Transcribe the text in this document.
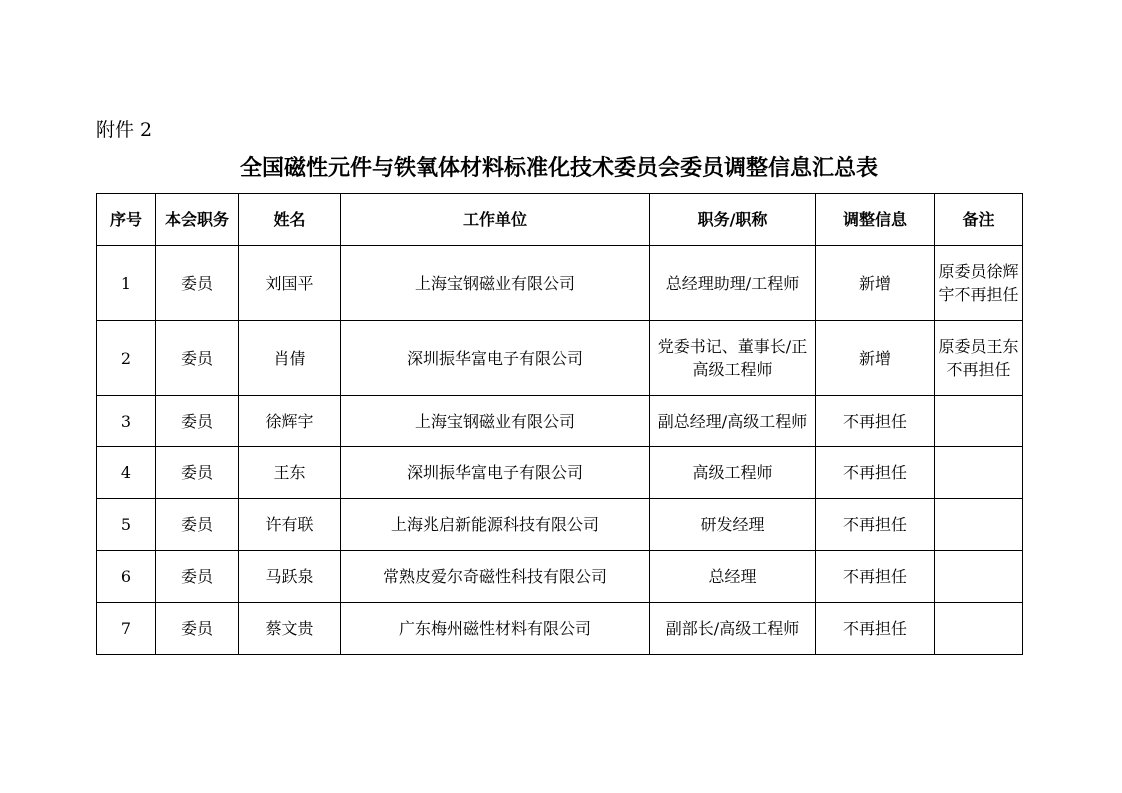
附件 2
全国磁性元件与铁氧体材料标准化技术委员会委员调整信息汇总表
序号	本会职务	姓名	工作单位	职务/职称	调整信息	备注
1	委员	刘国平	上海宝钢磁业有限公司	总经理助理/工程师	新增	原委员徐辉宇不再担任
2	委员	肖倩	深圳振华富电子有限公司	党委书记、董事长/正高级工程师	新增	原委员王东不再担任
3	委员	徐辉宇	上海宝钢磁业有限公司	副总经理/高级工程师	不再担任	
4	委员	王东	深圳振华富电子有限公司	高级工程师	不再担任	
5	委员	许有联	上海兆启新能源科技有限公司	研发经理	不再担任	
6	委员	马跃泉	常熟皮爱尔奇磁性科技有限公司	总经理	不再担任	
7	委员	蔡文贵	广东梅州磁性材料有限公司	副部长/高级工程师	不再担任	
